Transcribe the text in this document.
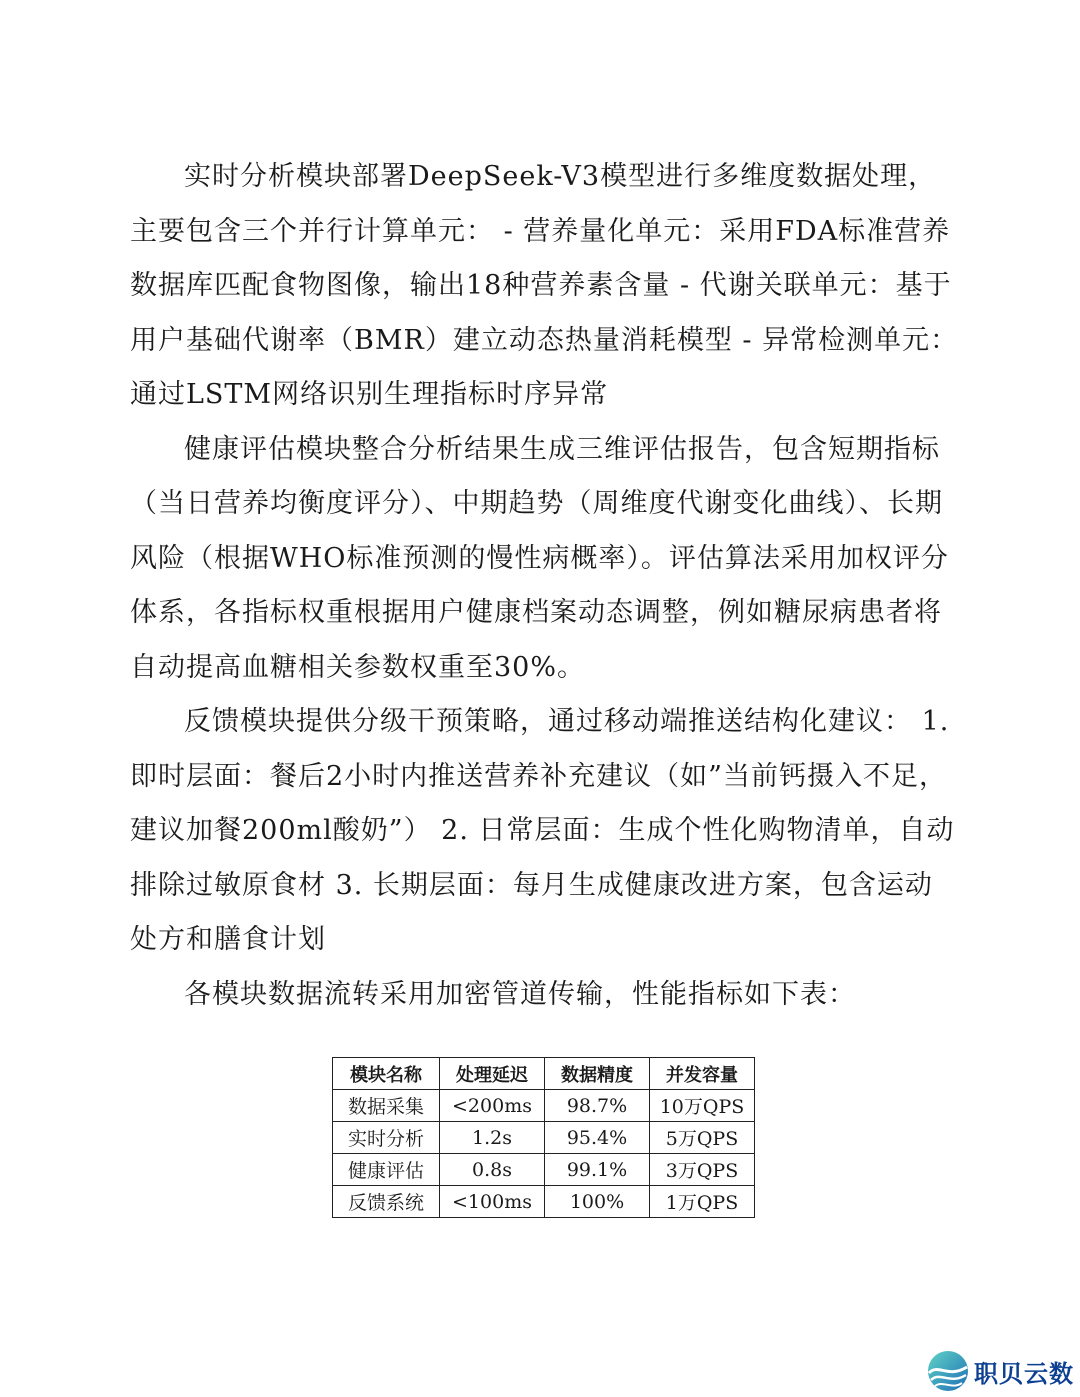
实时分析模块部署DeepSeek-V3模型进行多维度数据处理，主要包含三个并行计算单元： - 营养量化单元：采用FDA标准营养数据库匹配食物图像，输出18种营养素含量 - 代谢关联单元：基于用户基础代谢率（BMR）建立动态热量消耗模型 - 异常检测单元：通过LSTM网络识别生理指标时序异常

健康评估模块整合分析结果生成三维评估报告，包含短期指标（当日营养均衡度评分）、中期趋势（周维度代谢变化曲线）、长期风险（根据WHO标准预测的慢性病概率）。评估算法采用加权评分体系，各指标权重根据用户健康档案动态调整，例如糖尿病患者将自动提高血糖相关参数权重至30%。

反馈模块提供分级干预策略，通过移动端推送结构化建议： 1. 即时层面：餐后2小时内推送营养补充建议（如”当前钙摄入不足，建议加餐200ml酸奶”） 2. 日常层面：生成个性化购物清单，自动排除过敏原食材 3. 长期层面：每月生成健康改进方案，包含运动处方和膳食计划

各模块数据流转采用加密管道传输，性能指标如下表：

模块名称	处理延迟	数据精度	并发容量
数据采集	<200ms	98.7%	10万QPS
实时分析	1.2s	95.4%	5万QPS
健康评估	0.8s	99.1%	3万QPS
反馈系统	<100ms	100%	1万QPS
职贝云数
